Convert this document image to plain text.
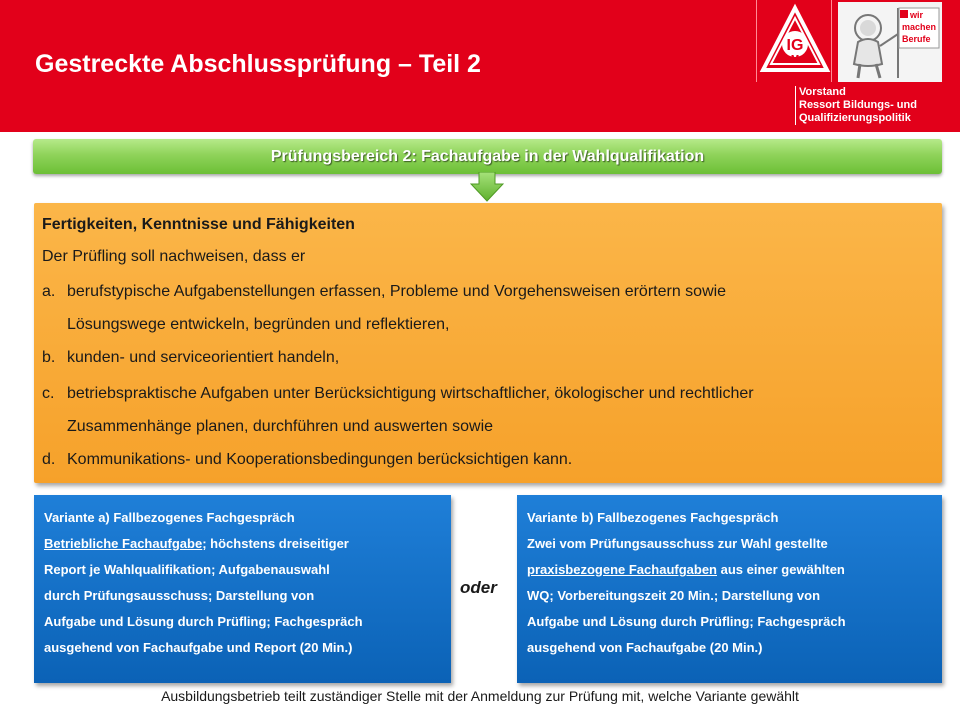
Gestreckte Abschlussprüfung – Teil 2
IG
M
wir
machen
Berufe
Vorstand
Ressort Bildungs- und
Qualifizierungspolitik
Prüfungsbereich 2: Fachaufgabe in der Wahlqualifikation
Fertigkeiten, Kenntnisse und Fähigkeiten
Der Prüfling soll nachweisen, dass er
a. berufstypische Aufgabenstellungen erfassen, Probleme und Vorgehensweisen erörtern sowie
Lösungswege entwickeln, begründen und reflektieren,
b. kunden- und serviceorientiert handeln,
c. betriebspraktische Aufgaben unter Berücksichtigung wirtschaftlicher, ökologischer und rechtlicher
Zusammenhänge planen, durchführen und auswerten sowie
d. Kommunikations- und Kooperationsbedingungen berücksichtigen kann.
Variante a) Fallbezogenes Fachgespräch
Betriebliche Fachaufgabe; höchstens dreiseitiger
Report je Wahlqualifikation; Aufgabenauswahl
durch Prüfungsausschuss; Darstellung von
Aufgabe und Lösung durch Prüfling; Fachgespräch
ausgehend von Fachaufgabe und Report (20 Min.)
oder
Variante b) Fallbezogenes Fachgespräch
Zwei vom Prüfungsausschuss zur Wahl gestellte
praxisbezogene Fachaufgaben aus einer gewählten
WQ; Vorbereitungszeit 20 Min.; Darstellung von
Aufgabe und Lösung durch Prüfling; Fachgespräch
ausgehend von Fachaufgabe (20 Min.)
Ausbildungsbetrieb teilt zuständiger Stelle mit der Anmeldung zur Prüfung mit, welche Variante gewählt
